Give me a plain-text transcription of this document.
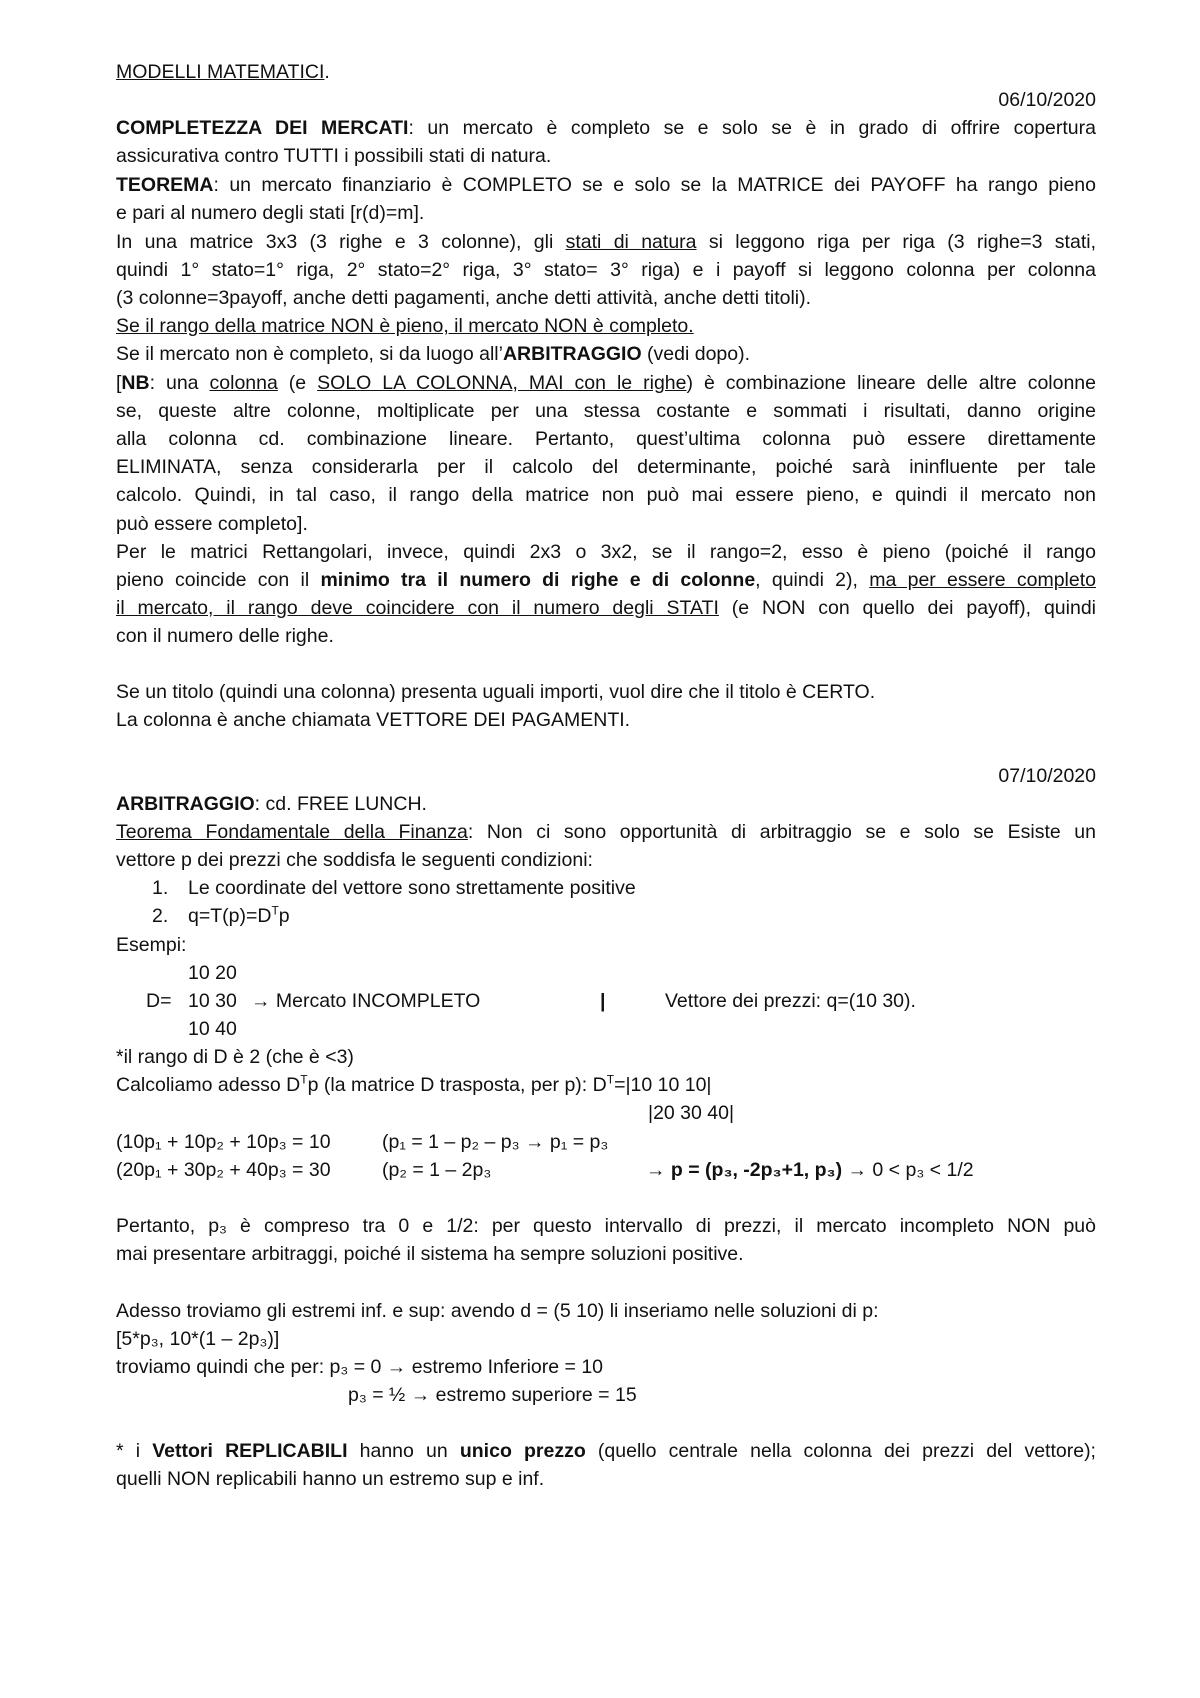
MODELLI MATEMATICI.
06/10/2020
COMPLETEZZA DEI MERCATI: un mercato è completo se e solo se è in grado di offrire copertura
assicurativa contro TUTTI i possibili stati di natura.
TEOREMA: un mercato finanziario è COMPLETO se e solo se la MATRICE dei PAYOFF ha rango pieno
e pari al numero degli stati [r(d)=m].
In una matrice 3x3 (3 righe e 3 colonne), gli stati di natura si leggono riga per riga (3 righe=3 stati,
quindi 1° stato=1° riga, 2° stato=2° riga, 3° stato= 3° riga) e i payoff si leggono colonna per colonna
(3 colonne=3payoff, anche detti pagamenti, anche detti attività, anche detti titoli).
Se il rango della matrice NON è pieno, il mercato NON è completo.
Se il mercato non è completo, si da luogo all’ARBITRAGGIO (vedi dopo).
[NB: una colonna (e SOLO LA COLONNA, MAI con le righe) è combinazione lineare delle altre colonne
se, queste altre colonne, moltiplicate per una stessa costante e sommati i risultati, danno origine
alla colonna cd. combinazione lineare. Pertanto, quest’ultima colonna può essere direttamente
ELIMINATA, senza considerarla per il calcolo del determinante, poiché sarà ininfluente per tale
calcolo. Quindi, in tal caso, il rango della matrice non può mai essere pieno, e quindi il mercato non
può essere completo].
Per le matrici Rettangolari, invece, quindi 2x3 o 3x2, se il rango=2, esso è pieno (poiché il rango
pieno coincide con il minimo tra il numero di righe e di colonne, quindi 2), ma per essere completo
il mercato, il rango deve coincidere con il numero degli STATI (e NON con quello dei payoff), quindi
con il numero delle righe.
Se un titolo (quindi una colonna) presenta uguali importi, vuol dire che il titolo è CERTO.
La colonna è anche chiamata VETTORE DEI PAGAMENTI.
07/10/2020
ARBITRAGGIO: cd. FREE LUNCH.
Teorema Fondamentale della Finanza: Non ci sono opportunità di arbitraggio se e solo se Esiste un
vettore p dei prezzi che soddisfa le seguenti condizioni:
1. Le coordinate del vettore sono strettamente positive
2. $q=T(p)=D^Tp$
Esempi:
10 20
D= 10 30 → Mercato INCOMPLETO	|	Vettore dei prezzi: q=(10 30).
10 40
*il rango di D è 2 (che è <3)
Calcoliamo adesso $D^Tp$ (la matrice D trasposta, per p): $D^T=|10$ 10 10|
|20 30 40|
(10p₁ + 10p₂ + 10p₃ = 10	(p₁ = 1 – p₂ – p₃ → p₁ = p₃
(20p₁ + 30p₂ + 40p₃ = 30	(p₂ = 1 – 2p₃	→ p = (p₃, -2p₃+1, p₃) → 0 < p₃ < 1/2
Pertanto, p₃ è compreso tra 0 e 1/2: per questo intervallo di prezzi, il mercato incompleto NON può
mai presentare arbitraggi, poiché il sistema ha sempre soluzioni positive.
Adesso troviamo gli estremi inf. e sup: avendo d = (5 10) li inseriamo nelle soluzioni di p:
[5*p₃, 10*(1 – 2p₃)]
troviamo quindi che per: p₃ = 0 → estremo Inferiore = 10
p₃ = ½ → estremo superiore = 15
* i Vettori REPLICABILI hanno un unico prezzo (quello centrale nella colonna dei prezzi del vettore);
quelli NON replicabili hanno un estremo sup e inf.
